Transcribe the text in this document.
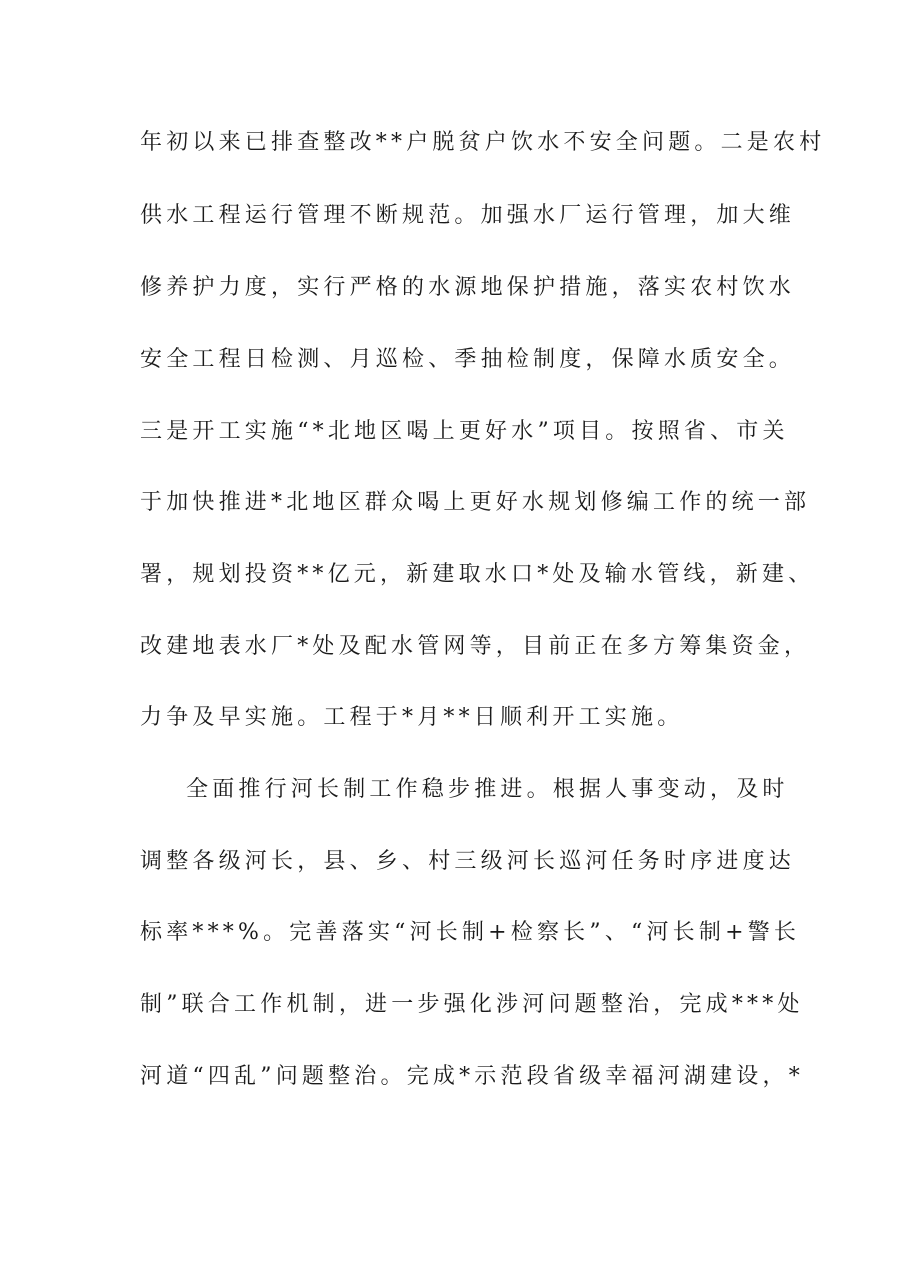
年初以来已排查整改**户脱贫户饮水不安全问题。二是农村
供水工程运行管理不断规范。加强水厂运行管理，加大维
修养护力度，实行严格的水源地保护措施，落实农村饮水
安全工程日检测、月巡检、季抽检制度，保障水质安全。
三是开工实施“*北地区喝上更好水”项目。按照省、市关
于加快推进*北地区群众喝上更好水规划修编工作的统一部
署，规划投资**亿元，新建取水口*处及输水管线，新建、
改建地表水厂*处及配水管网等，目前正在多方筹集资金，
力争及早实施。工程于*月**日顺利开工实施。
全面推行河长制工作稳步推进。根据人事变动，及时
调整各级河长，县、乡、村三级河长巡河任务时序进度达
标率***%。完善落实“河长制+检察长”、“河长制+警长
制”联合工作机制，进一步强化涉河问题整治，完成***处
河道“四乱”问题整治。完成*示范段省级幸福河湖建设，*
